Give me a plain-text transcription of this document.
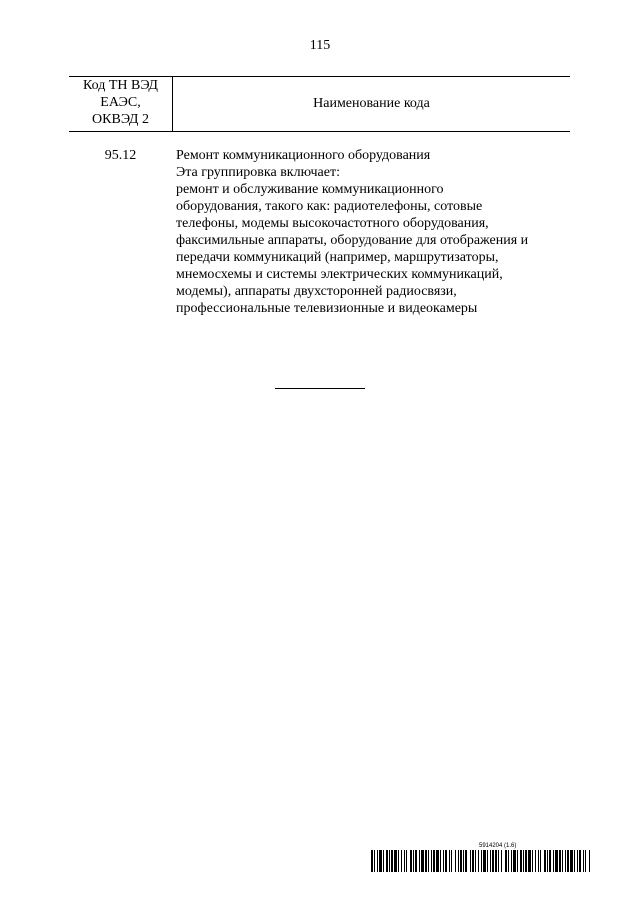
115
Код ТН ВЭД
ЕАЭС,
ОКВЭД 2
Наименование кода
95.12	Ремонт коммуникационного оборудования
Эта группировка включает:
ремонт и обслуживание коммуникационного
оборудования, такого как: радиотелефоны, сотовые
телефоны, модемы высокочастотного оборудования,
факсимильные аппараты, оборудование для отображения и
передачи коммуникаций (например, маршрутизаторы,
мнемосхемы и системы электрических коммуникаций,
модемы), аппараты двухсторонней радиосвязи,
профессиональные телевизионные и видеокамеры
5914204 (1.6)
